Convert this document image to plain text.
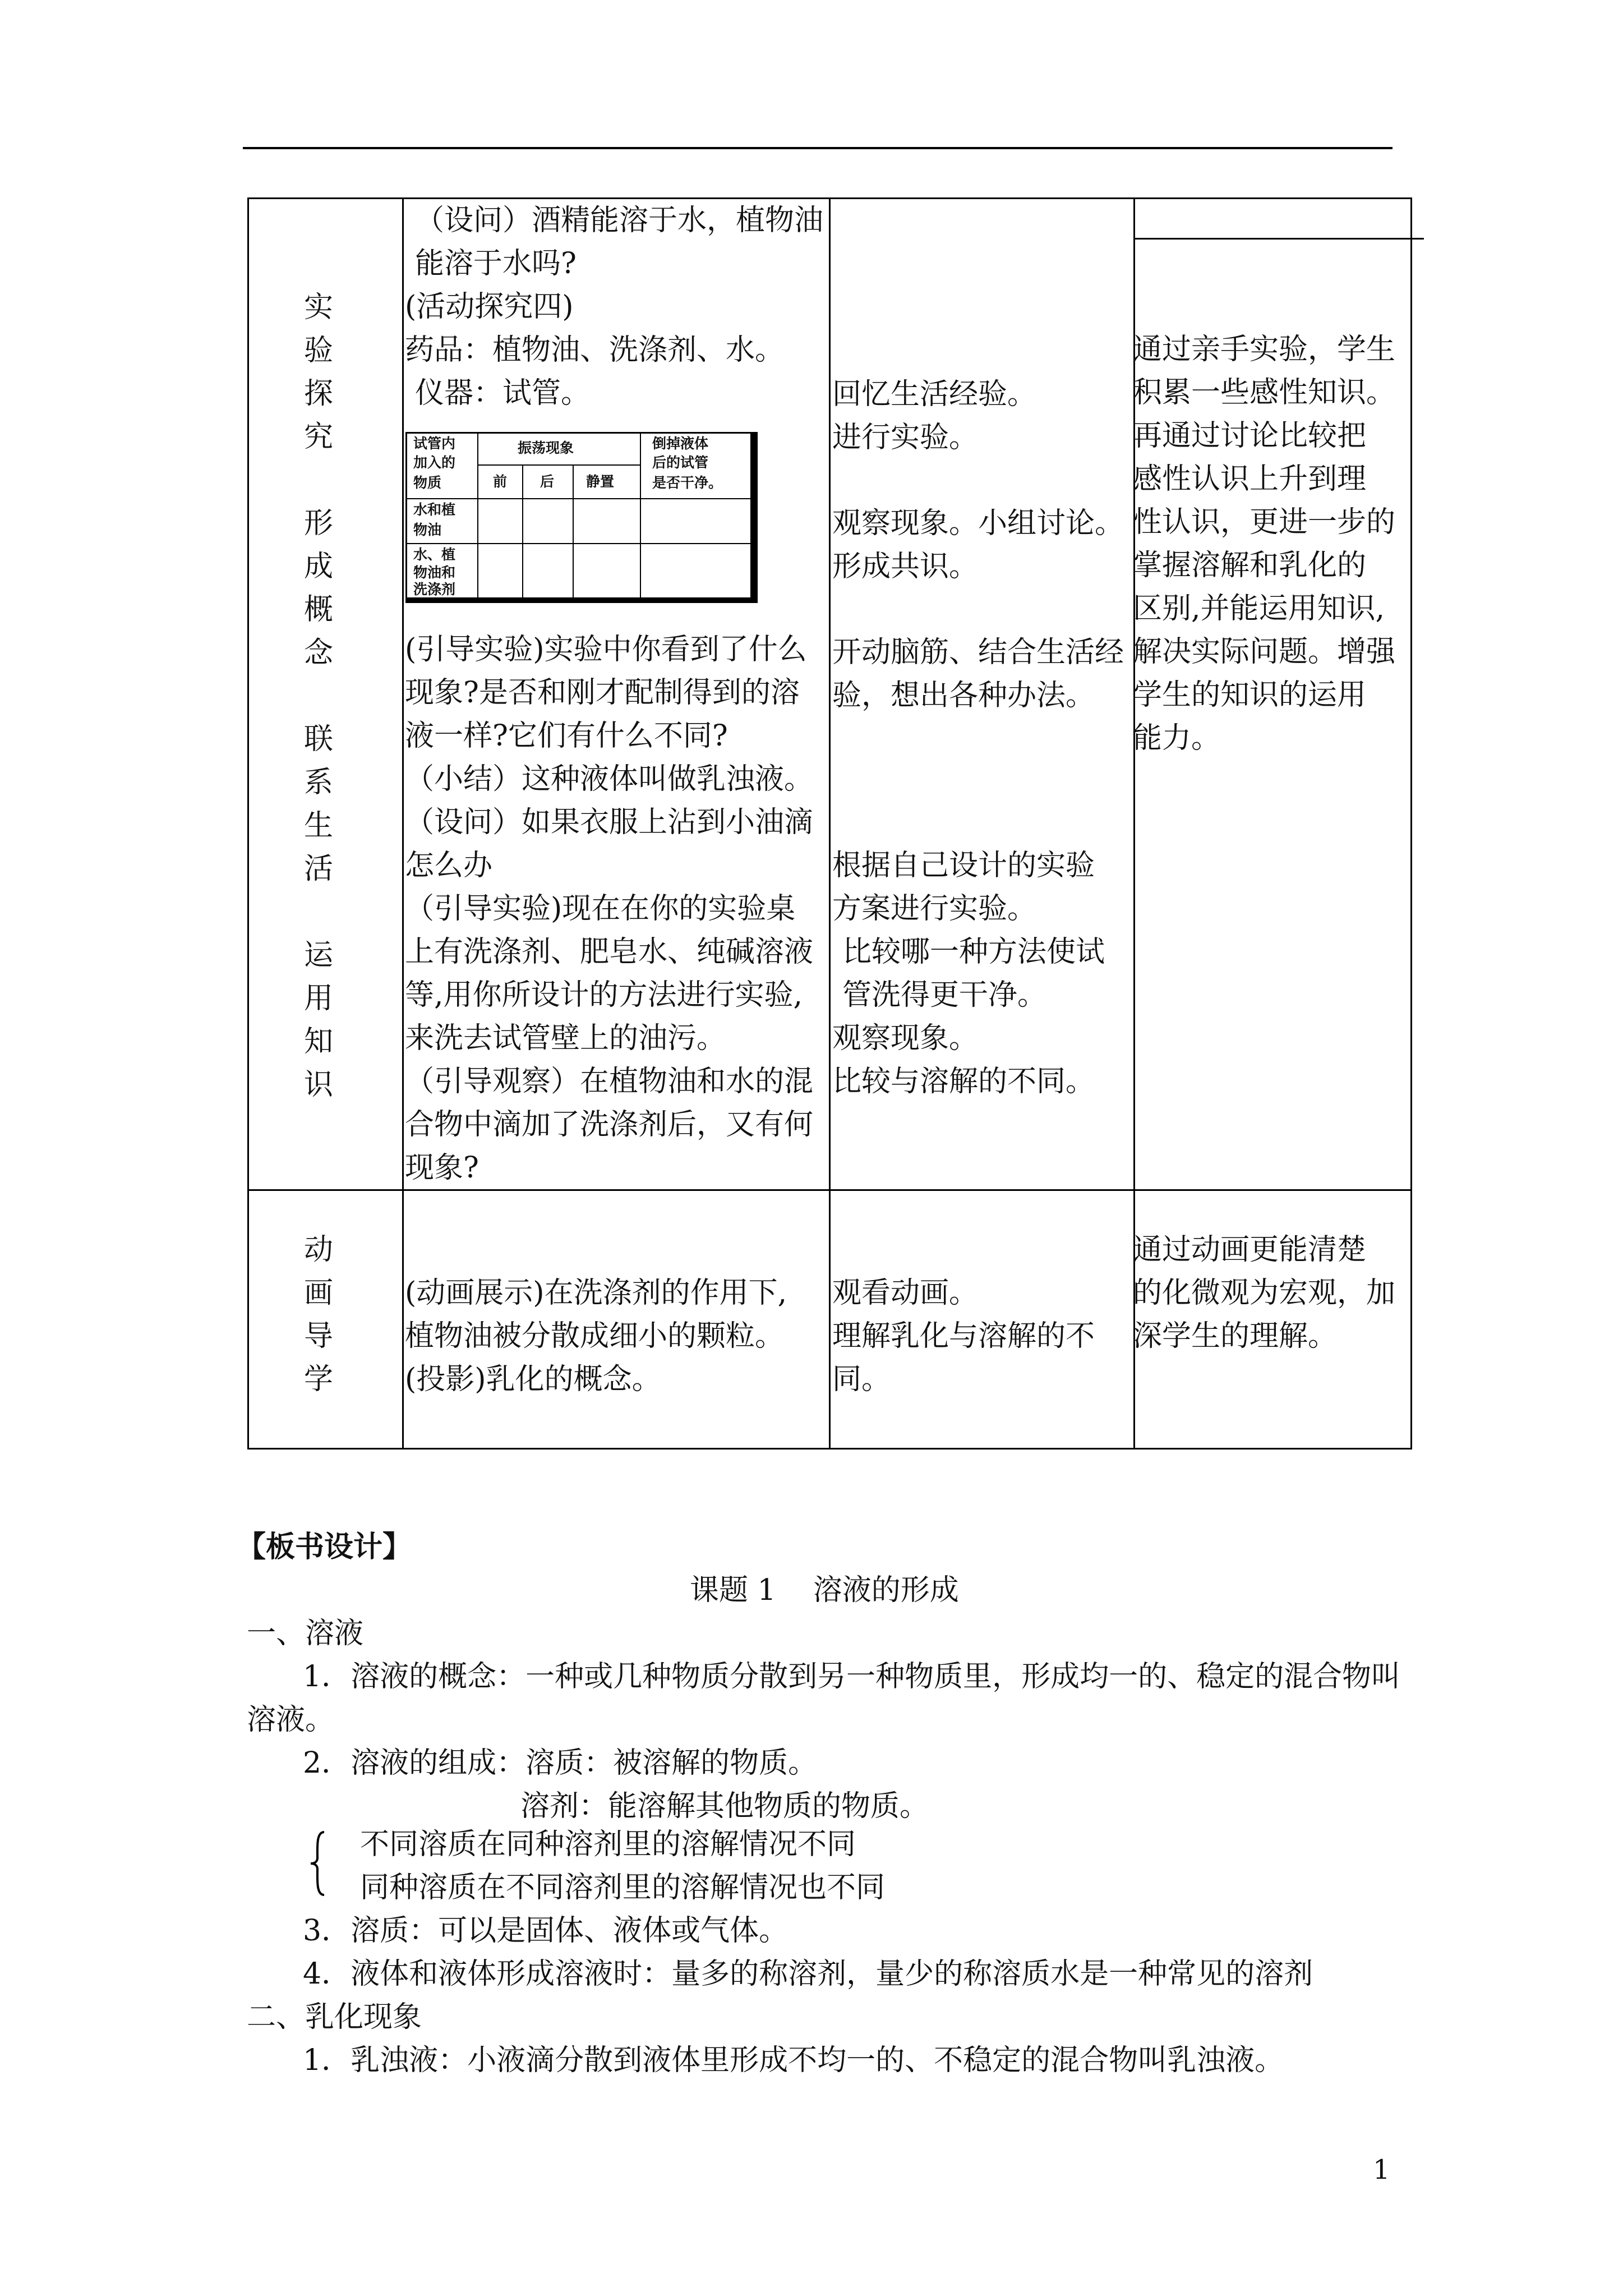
实
验
探
究

形
成
概
念

联
系
生
活

运
用
知
识
（设问）酒精能溶于水，植物油
能溶于水吗?
(活动探究四)
药品：植物油、洗涤剂、水。
仪器：试管。
(引导实验)实验中你看到了什么
现象?是否和刚才配制得到的溶
液一样?它们有什么不同?
（小结）这种液体叫做乳浊液。
（设问）如果衣服上沾到小油滴
怎么办
（引导实验)现在在你的实验桌
上有洗涤剂、肥皂水、纯碱溶液
等,用你所设计的方法进行实验,
来洗去试管壁上的油污。
（引导观察）在植物油和水的混
合物中滴加了洗涤剂后，又有何
现象?
试管内
加入的
物质
振荡现象	倒掉液体
后的试管
是否干净。
前 后 静置
水和植
物油
水、植
物油和
洗涤剂
回忆生活经验。
进行实验。
观察现象。小组讨论。
形成共识。
开动脑筋、结合生活经
验，想出各种办法。
根据自己设计的实验
方案进行实验。
比较哪一种方法使试
管洗得更干净。
观察现象。
比较与溶解的不同。
通过亲手实验，学生
积累一些感性知识。
再通过讨论比较把
感性认识上升到理
性认识，更进一步的
掌握溶解和乳化的
区别,并能运用知识,
解决实际问题。增强
学生的知识的运用
能力。
动
画
导
学
(动画展示)在洗涤剂的作用下,
植物油被分散成细小的颗粒。
(投影)乳化的概念。
观看动画。
理解乳化与溶解的不
同。
通过动画更能清楚
的化微观为宏观，加
深学生的理解。
【板书设计】
课题 1    溶液的形成
一、溶液
1．溶液的概念：一种或几种物质分散到另一种物质里，形成均一的、稳定的混合物叫
溶液。
2．溶液的组成：溶质：被溶解的物质。
溶剂：能溶解其他物质的物质。
不同溶质在同种溶剂里的溶解情况不同
同种溶质在不同溶剂里的溶解情况也不同
3．溶质：可以是固体、液体或气体。
4．液体和液体形成溶液时：量多的称溶剂，量少的称溶质水是一种常见的溶剂
二、乳化现象
1．乳浊液：小液滴分散到液体里形成不均一的、不稳定的混合物叫乳浊液。
1
